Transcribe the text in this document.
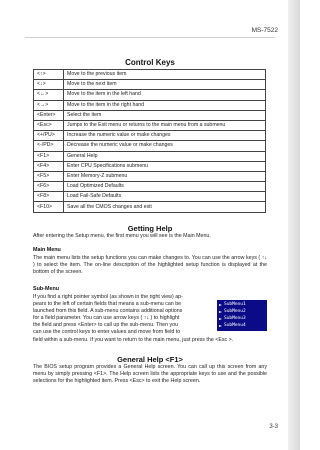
MS-7522
Control Keys
<↑>	Move to the previous item
<↓>	Move to the next item
<←>	Move to the item in the left hand
<→>	Move to the item in the right hand
<Enter>	Select the item
<Esc>	Jumps to the Exit menu or returns to the main menu from a submenu
<+/PU>	Increase the numeric value or make changes
<-/PD>	Decrease the numeric value or make changes
<F1>	General Help
<F4>	Enter CPU Specifications submenu
<F5>	Enter Memory-Z submenu
<F6>	Load Optimized Defaults
<F8>	Load Fail-Safe Defaults
<F10>	Save all the CMOS changes and exit
Getting Help
After entering the Setup menu, the first menu you will see is the Main Menu.
Main Menu
The main menu lists the setup functions you can make changes to. You can use the arrow keys ( ↑↓ ) to select the item. The on-line description of the highlighted setup function is displayed at the bottom of the screen.
Sub-Menu
If you find a right pointer symbol (as shown in the right view) ap-
pears to the left of certain fields that means a sub-menu can be
launched from this field. A sub-menu contains additional options
for a field parameter. You can use arrow keys ( ↑↓ ) to highlight
the field and press <Enter> to call up the sub-menu. Then you
can use the control keys to enter values and move from field to
field within a sub-menu. If you want to return to the main menu, just press the <Esc >.
SubMenu1
SubMenu2
SubMenu3
SubMenu4
General Help <F1>
The BIOS setup program provides a General Help screen. You can call up this screen from any menu by simply pressing <F1>. The Help screen lists the appropriate keys to use and the possible selections for the highlighted item. Press <Esc> to exit the Help screen.
3-3
